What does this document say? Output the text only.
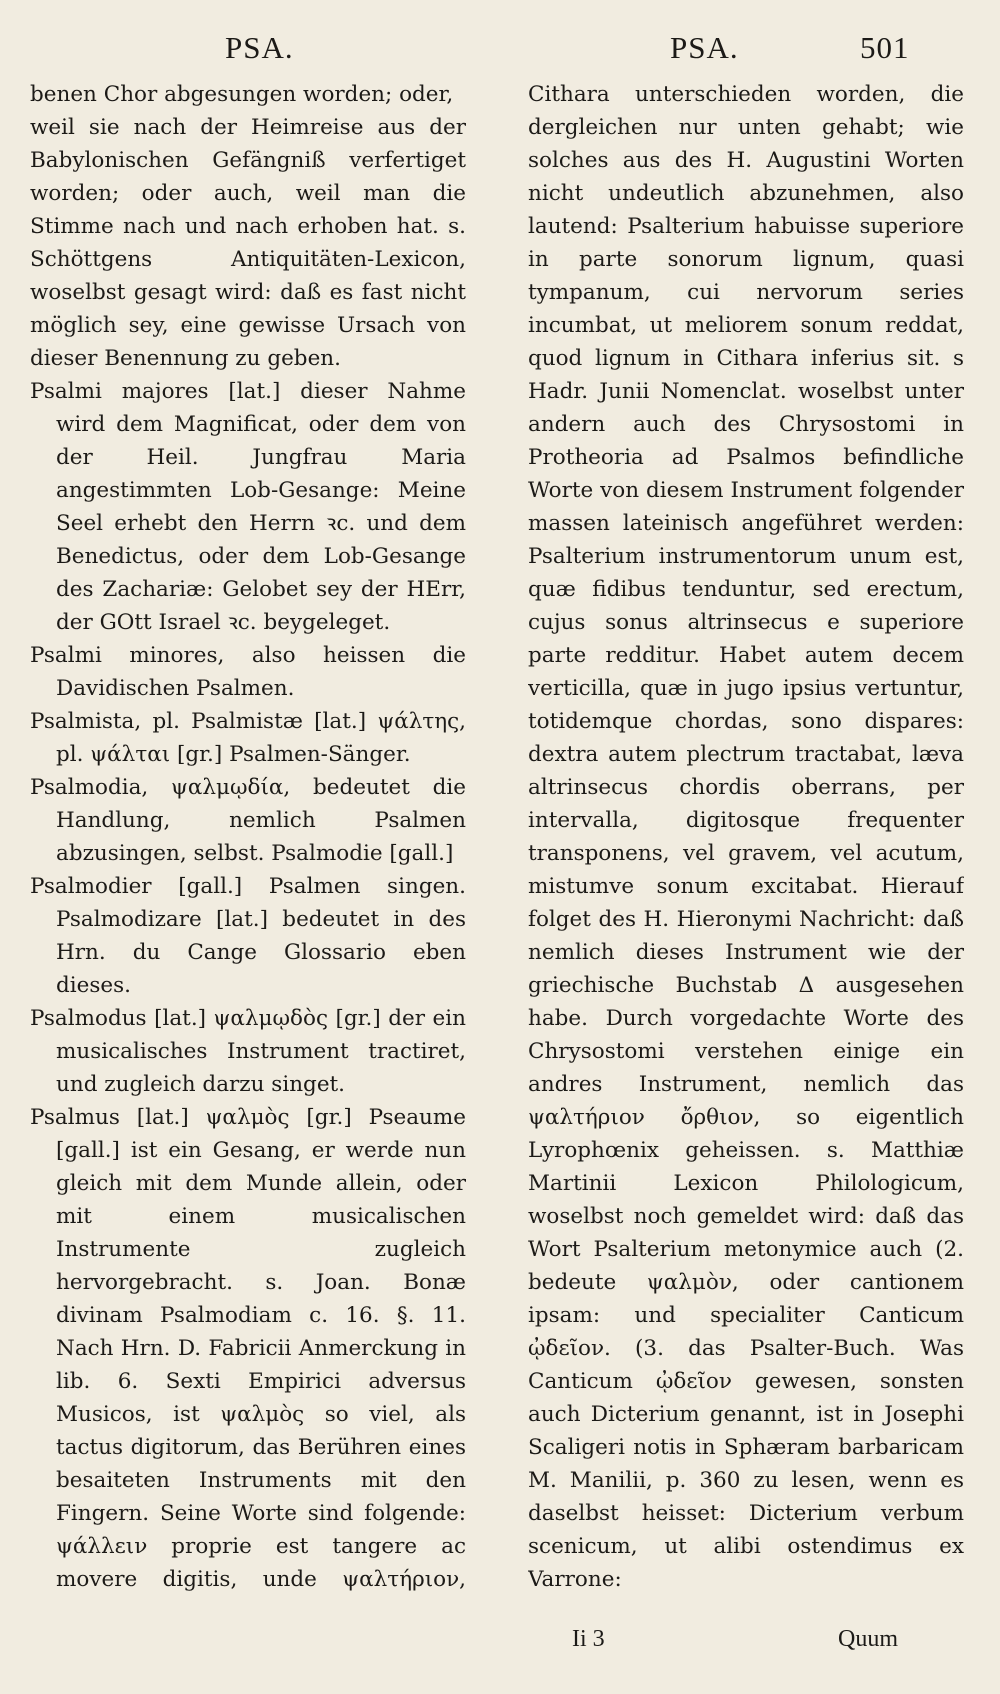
PSA.	PSA.	501

benen Chor abgesungen worden; oder,

weil sie nach der Heimreise aus der Babylonischen Gefängniß verfertiget worden; oder auch, weil man die Stimme nach und nach erhoben hat. s. Schöttgens Antiquitäten-Lexicon, woselbst gesagt wird: daß es fast nicht möglich sey, eine gewisse Ursach von dieser Benennung zu geben.

Psalmi majores [lat.] dieser Nahme wird dem Magnificat, oder dem von der Heil. Jungfrau Maria angestimmten Lob-Gesange: Meine Seel erhebt den Herrn ꝛc. und dem Benedictus, oder dem Lob-Gesange des Zachariæ: Gelobet sey der HErr, der GOtt Israel ꝛc. beygeleget.

Psalmi minores, also heissen die Davidischen Psalmen.

Psalmista, pl. Psalmistæ [lat.] ψάλτης, pl. ψάλται [gr.] Psalmen-Sänger.

Psalmodia, ψαλμῳδία, bedeutet die Handlung, nemlich Psalmen abzusingen, selbst. Psalmodie [gall.]

Psalmodier [gall.] Psalmen singen. Psalmodizare [lat.] bedeutet in des Hrn. du Cange Glossario eben dieses.

Psalmodus [lat.] ψαλμῳδὸς [gr.] der ein musicalisches Instrument tractiret, und zugleich darzu singet.

Psalmus [lat.] ψαλμὸς [gr.] Pseaume [gall.] ist ein Gesang, er werde nun gleich mit dem Munde allein, oder mit einem musicalischen Instrumente zugleich hervorgebracht. s. Joan. Bonæ divinam Psalmodiam c. 16. §. 11. Nach Hrn. D. Fabricii Anmerckung in lib. 6. Sexti Empirici adversus Musicos, ist ψαλμὸς so viel, als tactus digitorum, das Berühren eines besaiteten Instruments mit den Fingern. Seine Worte sind folgende: ψάλλειν proprie est tangere ac movere digitis, unde ψαλτήριον,

Cithara unterschieden worden, die dergleichen nur unten gehabt; wie solches aus des H. Augustini Worten nicht undeutlich abzunehmen, also lautend: Psalterium habuisse superiore in parte sonorum lignum, quasi tympanum, cui nervorum series incumbat, ut meliorem sonum reddat, quod lignum in Cithara inferius sit. s Hadr. Junii Nomenclat. woselbst unter andern auch des Chrysostomi in Protheoria ad Psalmos befindliche Worte von diesem Instrument folgender massen lateinisch angeführet werden: Psalterium instrumentorum unum est, quæ fidibus tenduntur, sed erectum, cujus sonus altrinsecus e superiore parte redditur. Habet autem decem verticilla, quæ in jugo ipsius vertuntur, totidemque chordas, sono dispares: dextra autem plectrum tractabat, læva altrinsecus chordis oberrans, per intervalla, digitosque frequenter transponens, vel gravem, vel acutum, mistumve sonum excitabat. Hierauf folget des H. Hieronymi Nachricht: daß nemlich dieses Instrument wie der griechische Buchstab Δ ausgesehen habe. Durch vorgedachte Worte des Chrysostomi verstehen einige ein andres Instrument, nemlich das ψαλτήριον ὄρθιον, so eigentlich Lyrophœnix geheissen. s. Matthiæ Martinii Lexicon Philologicum, woselbst noch gemeldet wird: daß das Wort Psalterium metonymice auch (2. bedeute ψαλμὸν, oder cantionem ipsam: und specialiter Canticum ᾠδεῖον. (3. das Psalter-Buch. Was Canticum ᾠδεῖον gewesen, sonsten auch Dicterium genannt, ist in Josephi Scaligeri notis in Sphæram barbaricam M. Manilii, p. 360 zu lesen, wenn es daselbst heisset: Dicterium verbum scenicum, ut alibi ostendimus ex Varrone:

Ii 3	Quum
